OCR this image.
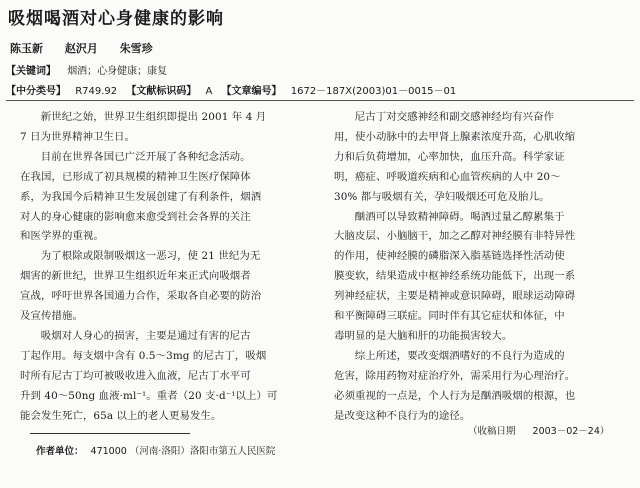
吸烟喝酒对心身健康的影响
陈玉新 赵沢月 朱雪珍
【关键词】 烟酒；心身健康；康复
【中分类号】 R749.92 【文献标识码】 A 【文章编号】 1672－187X(2003)01－0015－01
新世纪之始，世界卫生组织即提出 2001 年 4 月
7 日为世界精神卫生日。
目前在世界各国已广泛开展了各种纪念活动。
在我国，已形成了初具规模的精神卫生医疗保障体
系，为我国今后精神卫生发展创建了有利条件，烟酒
对人的身心健康的影响愈来愈受到社会各界的关注
和医学界的重视。
为了根除或限制吸烟这一恶习，使 21 世纪为无
烟害的新世纪，世界卫生组织近年来正式向吸烟者
宣战，呼吁世界各国通力合作，采取各自必要的防治
及宣传措施。
吸烟对人身心的损害，主要是通过有害的尼古
丁起作用。每支烟中含有 0.5～3mg 的尼古丁，吸烟
时所有尼古丁均可被吸收进入血液，尼古丁水平可
升到 40～50ng 血液·ml⁻¹。重者（20 支·d⁻¹以上）可
能会发生死亡，65a 以上的老人更易发生。
尼古丁对交感神经和副交感神经均有兴奋作
用，使小动脉中的去甲肾上腺素浓度升高，心肌收缩
力和后负荷增加，心率加快，血压升高。科学家证
明，癌症、呼吸道疾病和心血管疾病的人中 20～
30% 都与吸烟有关，孕妇吸烟还可危及胎儿。
酗酒可以导致精神障碍。喝酒过量乙醇累集于
大脑皮层、小脑脑干，加之乙醇对神经膜有非特异性
的作用，使神经膜的磷脂深入脂基链选择性活动使
膜变软，结果造成中枢神经系统功能低下，出现一系
列神经症状，主要是精神或意识障碍，眼球运动障碍
和平衡障碍三联症。同时伴有其它症状和体征，中
毒明显的是大脑和肝的功能损害较大。
综上所述，要改变烟酒嗜好的不良行为造成的
危害，除用药物对症治疗外，需采用行为心理治疗。
必须重视的一点是，个人行为是酗酒吸烟的根源，也
是改变这种不良行为的途径。
（收稿日期 2003－02－24）
作者单位： 471000 （河南·洛阳）洛阳市第五人民医院
